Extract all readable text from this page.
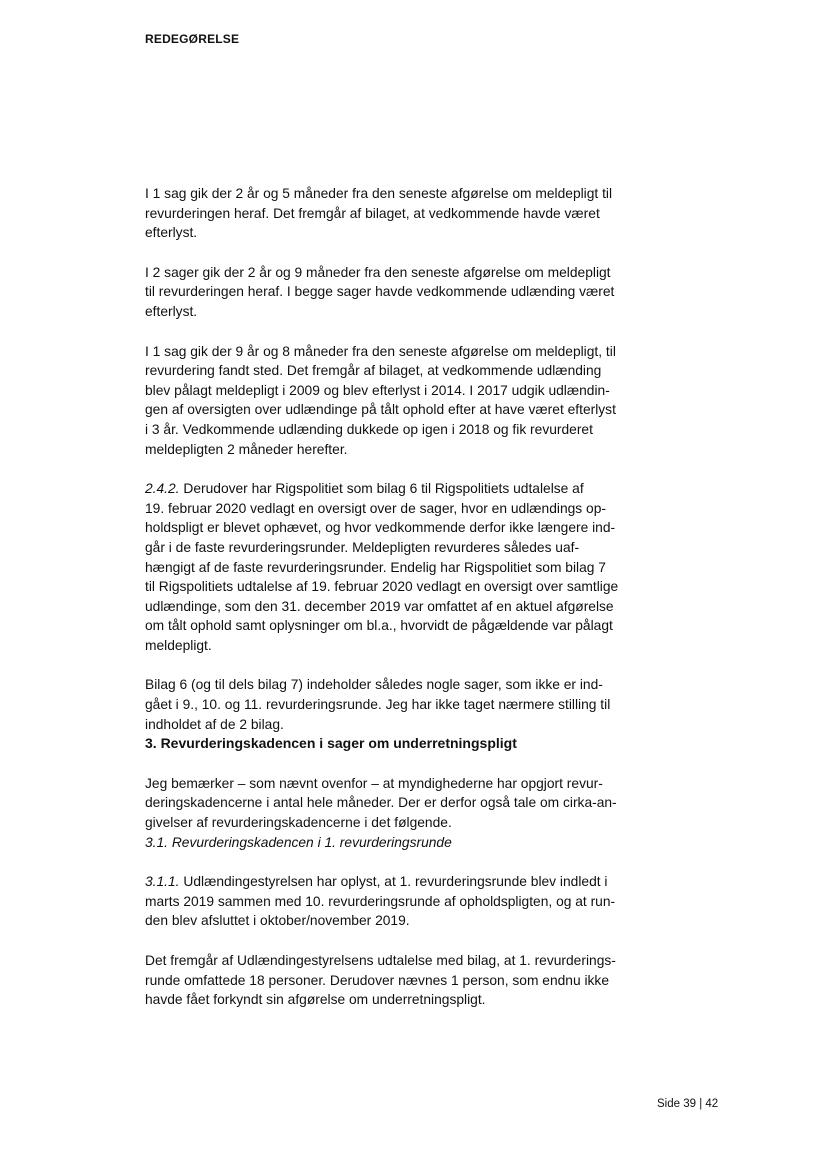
REDEGØRELSE

I 1 sag gik der 2 år og 5 måneder fra den seneste afgørelse om meldepligt til
revurderingen heraf. Det fremgår af bilaget, at vedkommende havde været
efterlyst.

I 2 sager gik der 2 år og 9 måneder fra den seneste afgørelse om meldepligt
til revurderingen heraf. I begge sager havde vedkommende udlænding været
efterlyst.

I 1 sag gik der 9 år og 8 måneder fra den seneste afgørelse om meldepligt, til
revurdering fandt sted. Det fremgår af bilaget, at vedkommende udlænding
blev pålagt meldepligt i 2009 og blev efterlyst i 2014. I 2017 udgik udlændin-
gen af oversigten over udlændinge på tålt ophold efter at have været efterlyst
i 3 år. Vedkommende udlænding dukkede op igen i 2018 og fik revurderet
meldepligten 2 måneder herefter.

2.4.2. Derudover har Rigspolitiet som bilag 6 til Rigspolitiets udtalelse af
19. februar 2020 vedlagt en oversigt over de sager, hvor en udlændings op-
holdspligt er blevet ophævet, og hvor vedkommende derfor ikke længere ind-
går i de faste revurderingsrunder. Meldepligten revurderes således uaf-
hængigt af de faste revurderingsrunder. Endelig har Rigspolitiet som bilag 7
til Rigspolitiets udtalelse af 19. februar 2020 vedlagt en oversigt over samtlige
udlændinge, som den 31. december 2019 var omfattet af en aktuel afgørelse
om tålt ophold samt oplysninger om bl.a., hvorvidt de pågældende var pålagt
meldepligt.

Bilag 6 (og til dels bilag 7) indeholder således nogle sager, som ikke er ind-
gået i 9., 10. og 11. revurderingsrunde. Jeg har ikke taget nærmere stilling til
indholdet af de 2 bilag.

3. Revurderingskadencen i sager om underretningspligt

Jeg bemærker – som nævnt ovenfor – at myndighederne har opgjort revur-
deringskadencerne i antal hele måneder. Der er derfor også tale om cirka-an-
givelser af revurderingskadencerne i det følgende.

3.1. Revurderingskadencen i 1. revurderingsrunde

3.1.1. Udlændingestyrelsen har oplyst, at 1. revurderingsrunde blev indledt i
marts 2019 sammen med 10. revurderingsrunde af opholdspligten, og at run-
den blev afsluttet i oktober/november 2019.

Det fremgår af Udlændingestyrelsens udtalelse med bilag, at 1. revurderings-
runde omfattede 18 personer. Derudover nævnes 1 person, som endnu ikke
havde fået forkyndt sin afgørelse om underretningspligt.

Side 39 | 42
